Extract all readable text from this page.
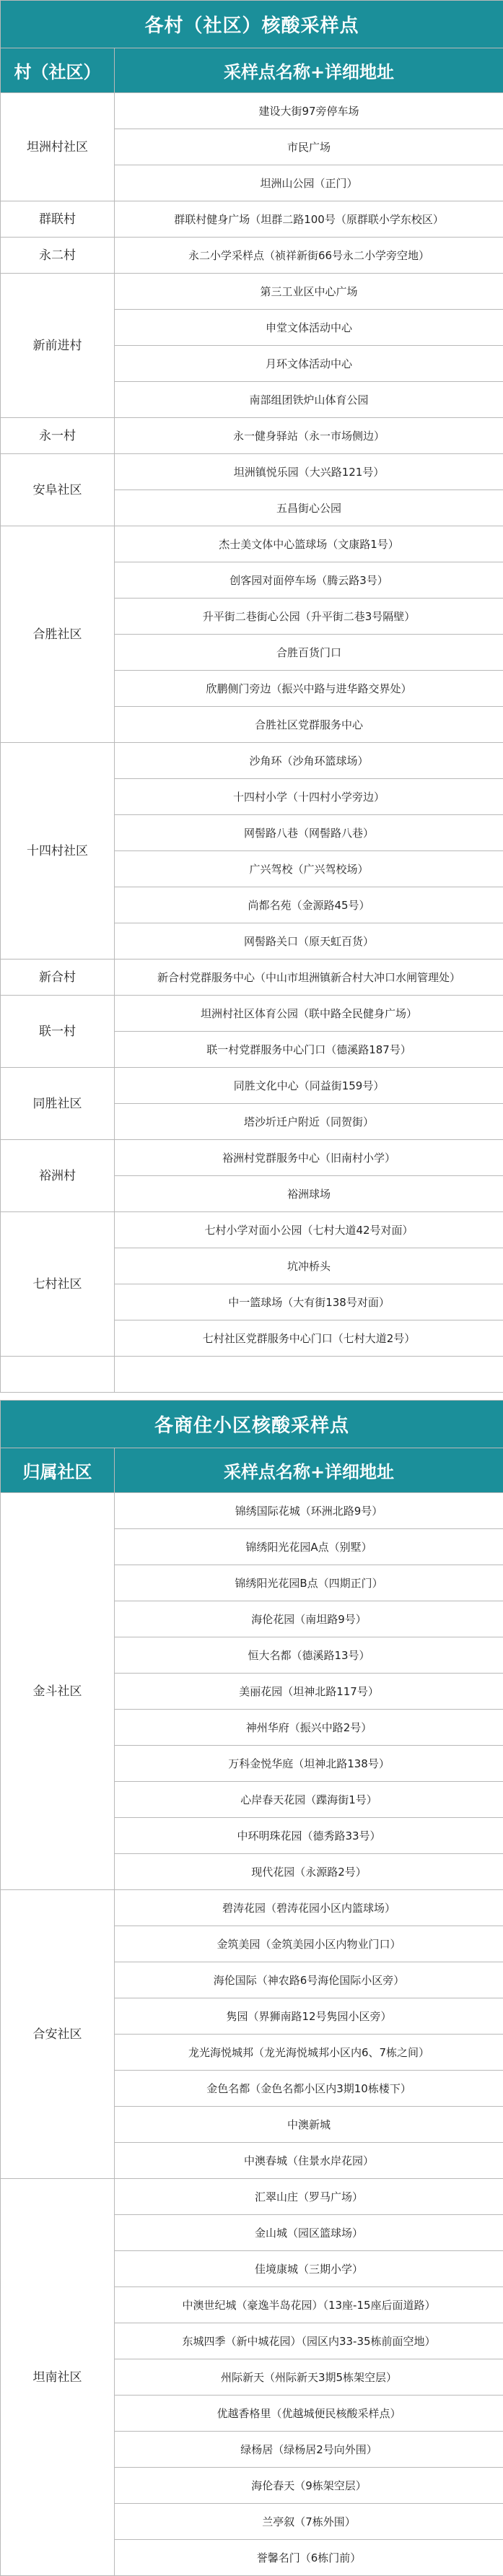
各村（社区）核酸采样点	
村（社区）	采样点名称+详细地址
坦洲村社区	建设大街97旁停车场
	市民广场
	坦洲山公园（正门）
群联村	群联村健身广场（坦群二路100号（原群联小学东校区）
永二村	永二小学采样点（祯祥新街66号永二小学旁空地）
新前进村	第三工业区中心广场
	申堂文体活动中心
	月环文体活动中心
	南部组团铁炉山体育公园
永一村	永一健身驿站（永一市场侧边）
安阜社区	坦洲镇悦乐园（大兴路121号）
	五昌街心公园
合胜社区	杰士美文体中心篮球场（文康路1号）
	创客园对面停车场（腾云路3号）
	升平街二巷街心公园（升平街二巷3号隔壁）
	合胜百货门口
	欣鹏侧门旁边（振兴中路与进华路交界处）
	合胜社区党群服务中心
十四村社区	沙角环（沙角环篮球场）
	十四村小学（十四村小学旁边）
	网髻路八巷（网髻路八巷）
	广兴驾校（广兴驾校场）
	尚都名苑（金源路45号）
	网髻路关口（原天虹百货）
新合村	新合村党群服务中心（中山市坦洲镇新合村大冲口水闸管理处）
联一村	坦洲村社区体育公园（联中路全民健身广场）
	联一村党群服务中心门口（德溪路187号）
同胜社区	同胜文化中心（同益街159号）
	塔沙圻迁户附近（同贺街）
裕洲村	裕洲村党群服务中心（旧南村小学）
	裕洲球场
七村社区	七村小学对面小公园（七村大道42号对面）
	坑冲桥头
	中一篮球场（大有街138号对面）
	七村社区党群服务中心门口（七村大道2号）

各商住小区核酸采样点	
归属社区	采样点名称+详细地址
金斗社区	锦绣国际花城（环洲北路9号）
	锦绣阳光花园A点（别墅）
	锦绣阳光花园B点（四期正门）
	海伦花园（南坦路9号）
	恒大名都（德溪路13号）
	美丽花园（坦神北路117号）
	神州华府（振兴中路2号）
	万科金悦华庭（坦神北路138号）
	心岸春天花园（蹀海街1号）
	中环明珠花园（德秀路33号）
	现代花园（永源路2号）
合安社区	碧涛花园（碧涛花园小区内篮球场）
	金筑美园（金筑美园小区内物业门口）
	海伦国际（神农路6号海伦国际小区旁）
	隽园（界狮南路12号隽园小区旁）
	龙光海悦城邦（龙光海悦城邦小区内6、7栋之间）
	金色名都（金色名都小区内3期10栋楼下）
	中澳新城
	中澳春城（住景水岸花园）
坦南社区	汇翠山庄（罗马广场）
	金山城（园区篮球场）
	佳境康城（三期小学）
	中澳世纪城（豪逸半岛花园）（13座-15座后面道路）
	东城四季（新中城花园）（园区内33-35栋前面空地）
	州际新天（州际新天3期5栋架空层）
	优越香格里（优越城便民核酸采样点）
	绿杨居（绿杨居2号向外围）
	海伦春天（9栋架空层）
	兰亭叙（7栋外围）
	誉馨名门（6栋门前）
